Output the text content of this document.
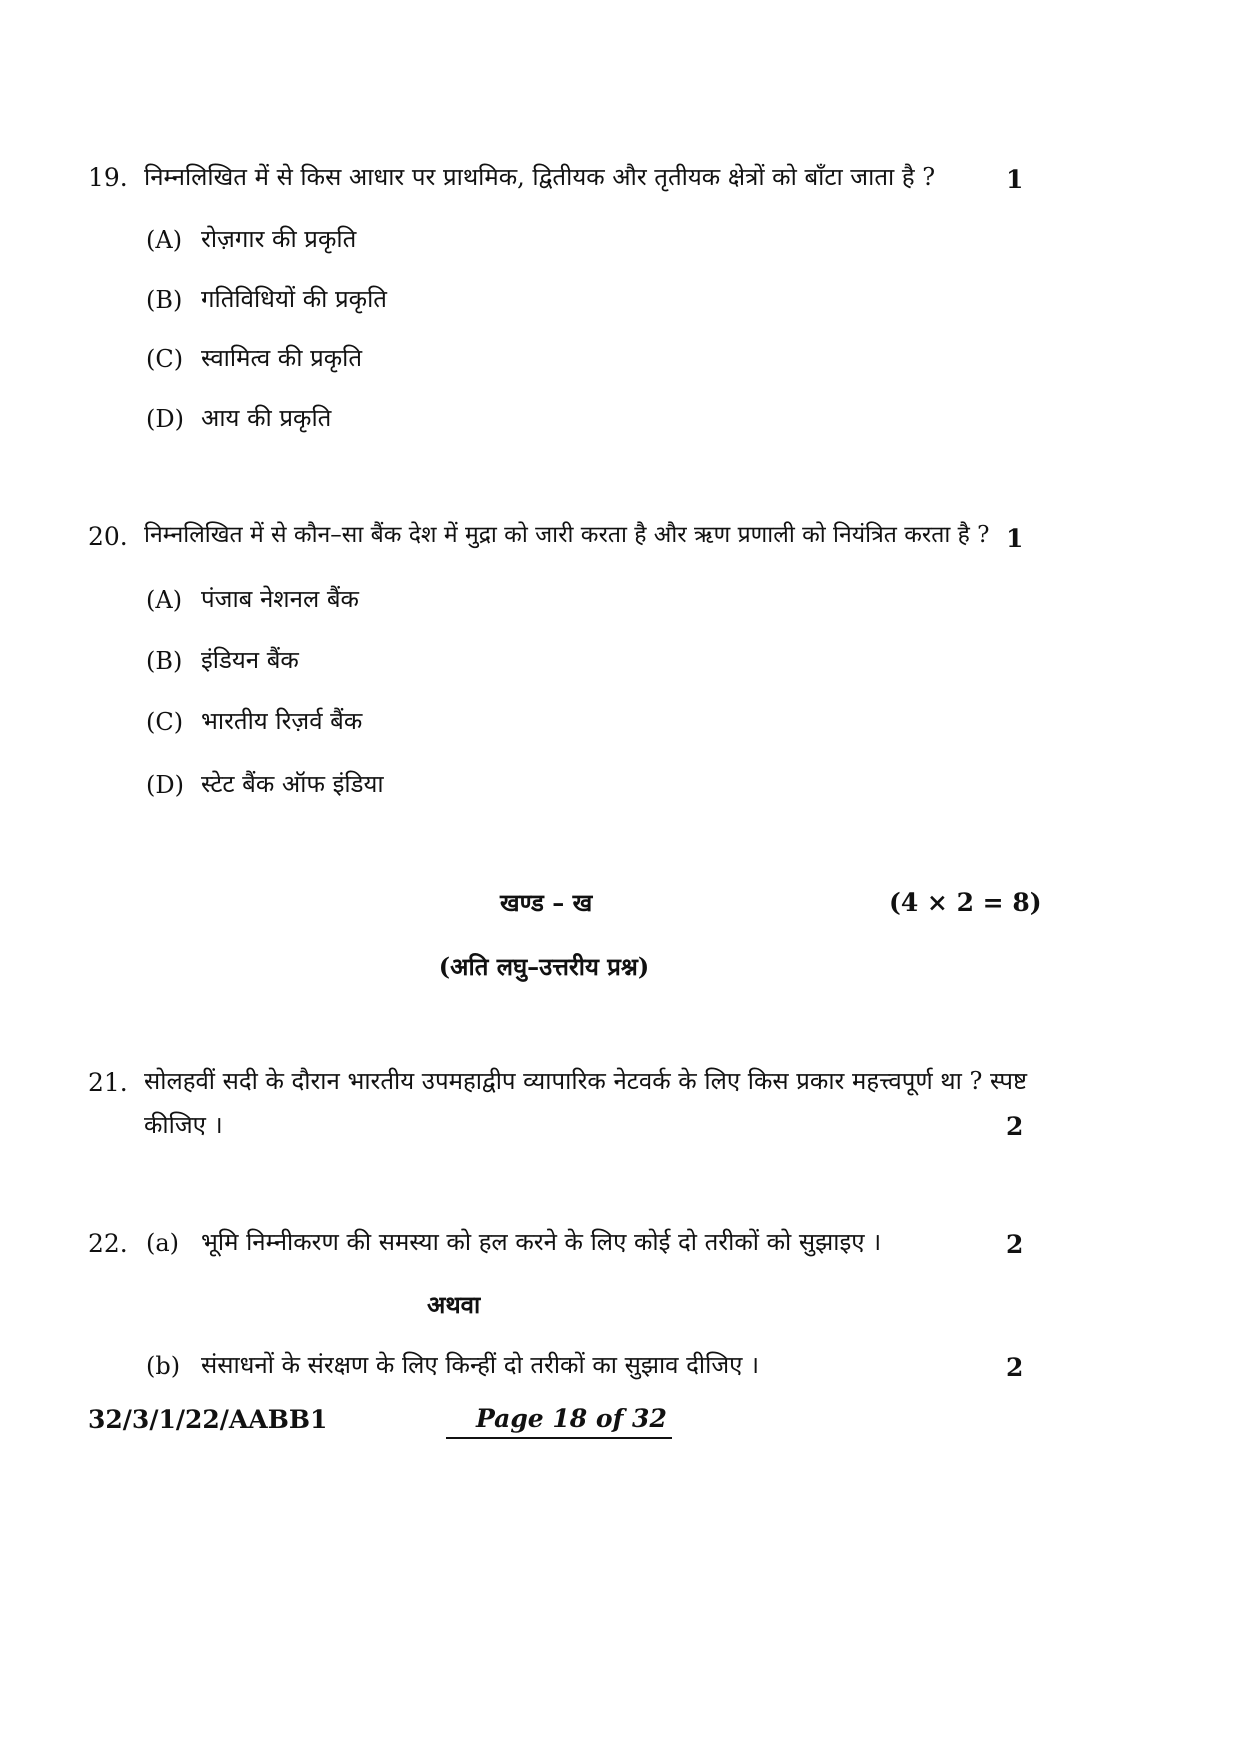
19. निम्नलिखित में से किस आधार पर प्राथमिक, द्वितीयक और तृतीयक क्षेत्रों को बाँटा जाता है ?	1
(A) रोज़गार की प्रकृति
(B) गतिविधियों की प्रकृति
(C) स्वामित्व की प्रकृति
(D) आय की प्रकृति
20. निम्नलिखित में से कौन–सा बैंक देश में मुद्रा को जारी करता है और ऋण प्रणाली को नियंत्रित करता है ? 1
(A) पंजाब नेशनल बैंक
(B) इंडियन बैंक
(C) भारतीय रिज़र्व बैंक
(D) स्टेट बैंक ऑफ इंडिया
खण्ड – ख	(4 × 2 = 8)
(अति लघु–उत्तरीय प्रश्न)
21. सोलहवीं सदी के दौरान भारतीय उपमहाद्वीप व्यापारिक नेटवर्क के लिए किस प्रकार महत्त्वपूर्ण था ? स्पष्ट
कीजिए ।	2
22. (a) भूमि निम्नीकरण की समस्या को हल करने के लिए कोई दो तरीकों को सुझाइए ।	2
अथवा
(b) संसाधनों के संरक्षण के लिए किन्हीं दो तरीकों का सुझाव दीजिए ।	2
32/3/1/22/AABB1	Page 18 of 32
